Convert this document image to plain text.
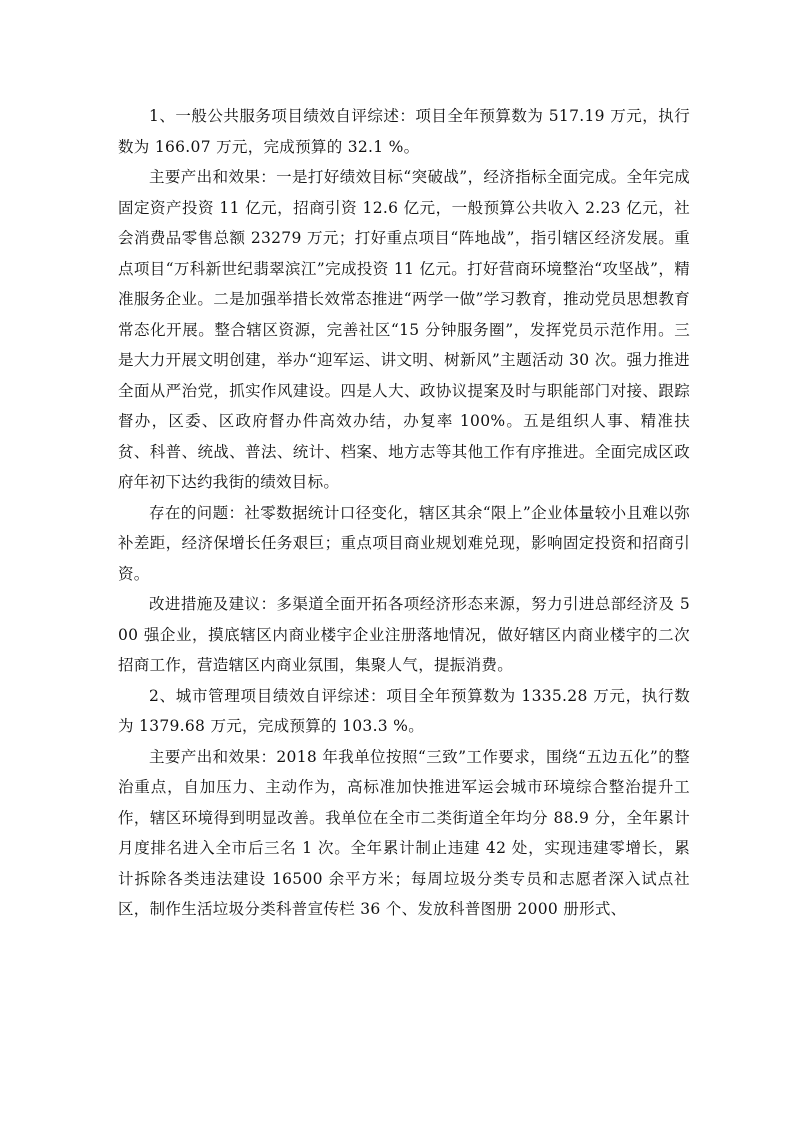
1、一般公共服务项目绩效自评综述：项目全年预算数为 517.19 万元，执行数为 166.07 万元，完成预算的 32.1 %。

主要产出和效果：一是打好绩效目标“突破战”，经济指标全面完成。全年完成固定资产投资 11 亿元，招商引资 12.6 亿元，一般预算公共收入 2.23 亿元，社会消费品零售总额 23279 万元；打好重点项目“阵地战”，指引辖区经济发展。重点项目“万科新世纪翡翠滨江”完成投资 11 亿元。打好营商环境整治“攻坚战”，精准服务企业。二是加强举措长效常态推进“两学一做”学习教育，推动党员思想教育常态化开展。整合辖区资源，完善社区“15 分钟服务圈”，发挥党员示范作用。三是大力开展文明创建，举办“迎军运、讲文明、树新风”主题活动 30 次。强力推进全面从严治党，抓实作风建设。四是人大、政协议提案及时与职能部门对接、跟踪督办，区委、区政府督办件高效办结，办复率 100%。五是组织人事、精准扶贫、科普、统战、普法、统计、档案、地方志等其他工作有序推进。全面完成区政府年初下达约我街的绩效目标。

存在的问题：社零数据统计口径变化，辖区其余“限上”企业体量较小且难以弥补差距，经济保增长任务艰巨；重点项目商业规划难兑现，影响固定投资和招商引资。

改进措施及建议：多渠道全面开拓各项经济形态来源，努力引进总部经济及 500 强企业，摸底辖区内商业楼宇企业注册落地情况，做好辖区内商业楼宇的二次招商工作，营造辖区内商业氛围，集聚人气，提振消费。

2、城市管理项目绩效自评综述：项目全年预算数为 1335.28 万元，执行数为 1379.68 万元，完成预算的 103.3 %。

主要产出和效果：2018 年我单位按照“三致”工作要求，围绕“五边五化”的整治重点，自加压力、主动作为，高标准加快推进军运会城市环境综合整治提升工作，辖区环境得到明显改善。我单位在全市二类街道全年均分 88.9 分，全年累计月度排名进入全市后三名 1 次。全年累计制止违建 42 处，实现违建零增长，累计拆除各类违法建设 16500 余平方米；每周垃圾分类专员和志愿者深入试点社区，制作生活垃圾分类科普宣传栏 36 个、发放科普图册 2000 册形式、
